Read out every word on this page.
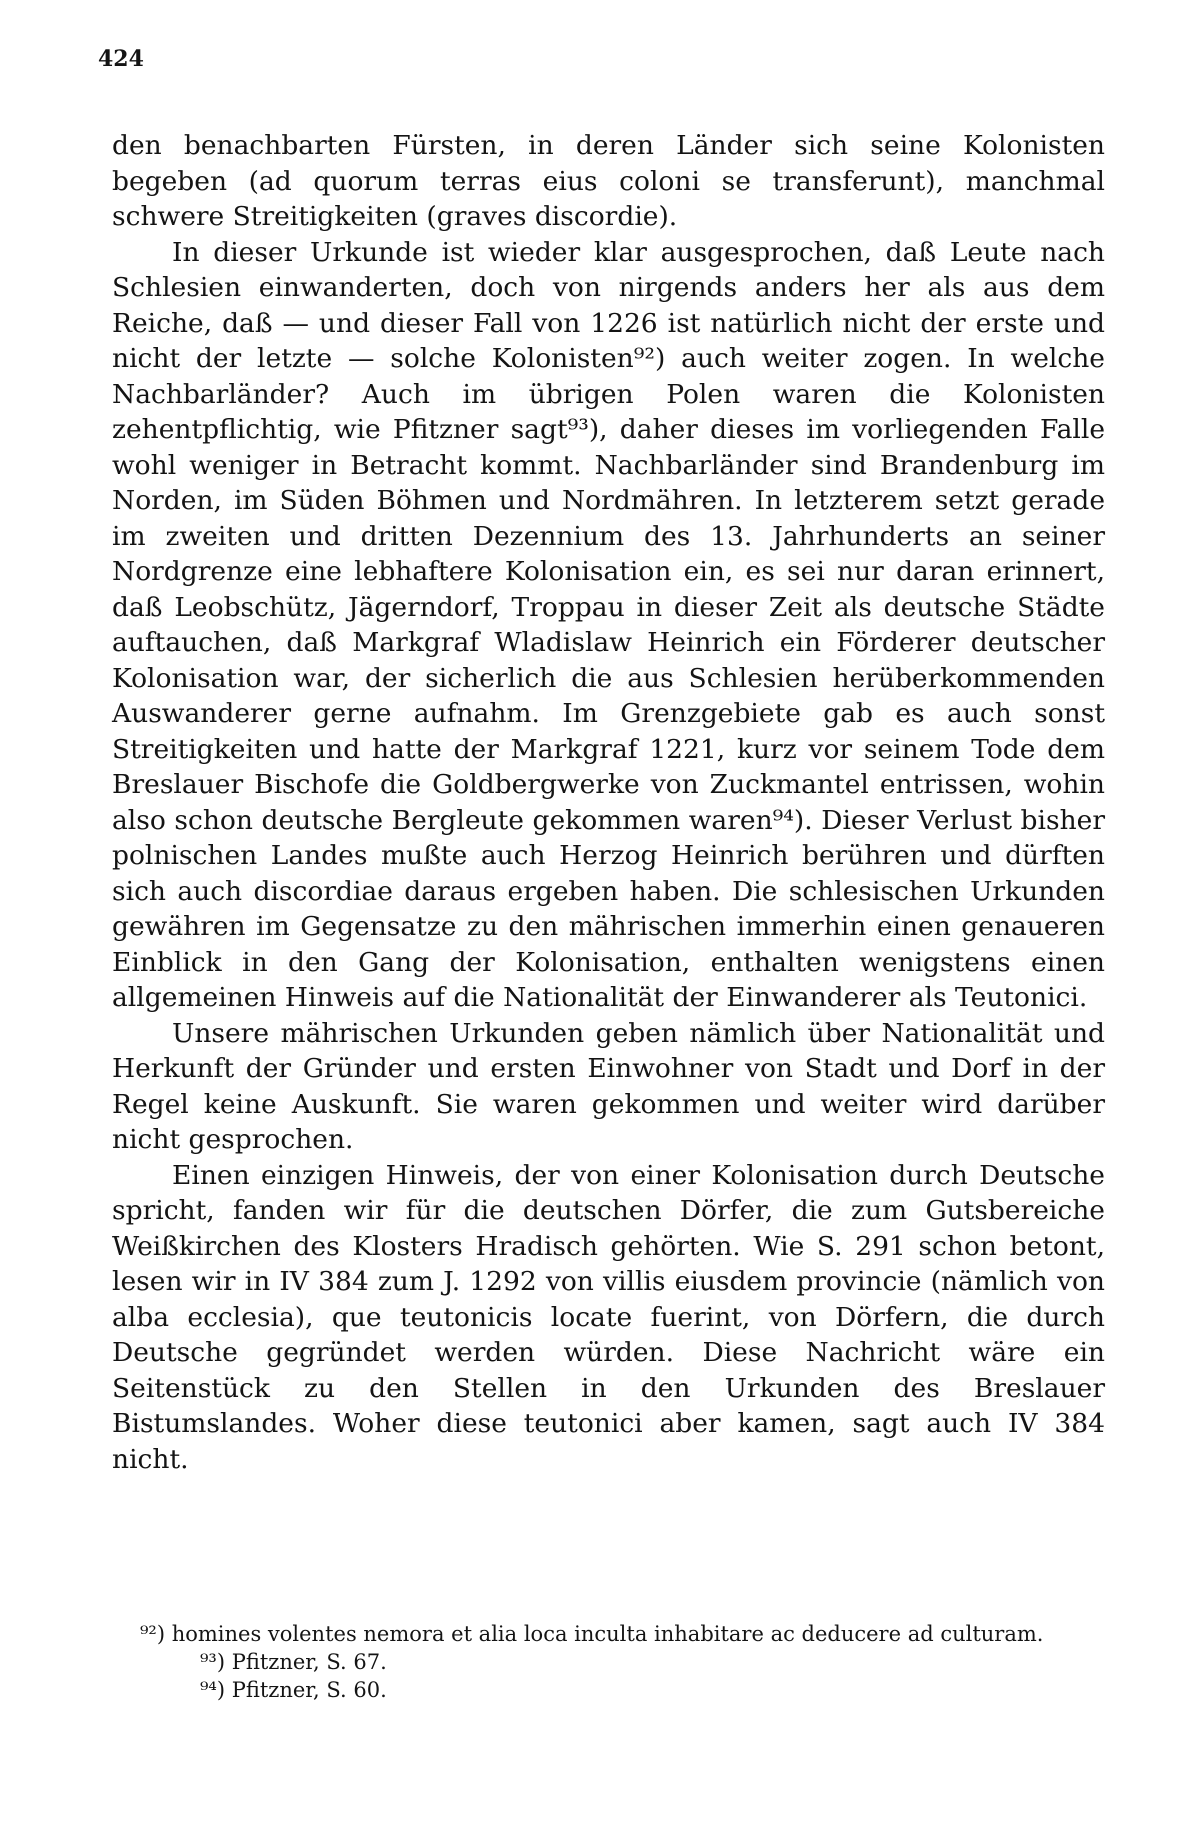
424

den benachbarten Fürsten, in deren Länder sich seine Kolonisten begeben (ad quorum terras eius coloni se transferunt), manchmal schwere Streitigkeiten (graves discordie).

In dieser Urkunde ist wieder klar ausgesprochen, daß Leute nach Schlesien einwanderten, doch von nirgends anders her als aus dem Reiche, daß — und dieser Fall von 1226 ist natürlich nicht der erste und nicht der letzte — solche Kolonisten⁹²) auch weiter zogen. In welche Nachbarländer? Auch im übrigen Polen waren die Kolonisten zehentpflichtig, wie Pfitzner sagt⁹³), daher dieses im vorliegenden Falle wohl weniger in Betracht kommt. Nachbarländer sind Brandenburg im Norden, im Süden Böhmen und Nordmähren. In letzterem setzt gerade im zweiten und dritten Dezennium des 13. Jahrhunderts an seiner Nordgrenze eine lebhaftere Kolonisation ein, es sei nur daran erinnert, daß Leobschütz, Jägerndorf, Troppau in dieser Zeit als deutsche Städte auftauchen, daß Markgraf Wladislaw Heinrich ein Förderer deutscher Kolonisation war, der sicherlich die aus Schlesien herüberkommenden Auswanderer gerne aufnahm. Im Grenzgebiete gab es auch sonst Streitigkeiten und hatte der Markgraf 1221, kurz vor seinem Tode dem Breslauer Bischofe die Goldbergwerke von Zuckmantel entrissen, wohin also schon deutsche Bergleute gekommen waren⁹⁴). Dieser Verlust bisher polnischen Landes mußte auch Herzog Heinrich berühren und dürften sich auch discordiae daraus ergeben haben. Die schlesischen Urkunden gewähren im Gegensatze zu den mährischen immerhin einen genaueren Einblick in den Gang der Kolonisation, enthalten wenigstens einen allgemeinen Hinweis auf die Nationalität der Einwanderer als Teutonici.

Unsere mährischen Urkunden geben nämlich über Nationalität und Herkunft der Gründer und ersten Einwohner von Stadt und Dorf in der Regel keine Auskunft. Sie waren gekommen und weiter wird darüber nicht gesprochen.

Einen einzigen Hinweis, der von einer Kolonisation durch Deutsche spricht, fanden wir für die deutschen Dörfer, die zum Gutsbereiche Weißkirchen des Klosters Hradisch gehörten. Wie S. 291 schon betont, lesen wir in IV 384 zum J. 1292 von villis eiusdem provincie (nämlich von alba ecclesia), que teutonicis locate fuerint, von Dörfern, die durch Deutsche gegründet werden würden. Diese Nachricht wäre ein Seitenstück zu den Stellen in den Urkunden des Breslauer Bistumslandes. Woher diese teutonici aber kamen, sagt auch IV 384 nicht.

⁹²) homines volentes nemora et alia loca inculta inhabitare ac deducere ad culturam.

⁹³) Pfitzner, S. 67.

⁹⁴) Pfitzner, S. 60.
